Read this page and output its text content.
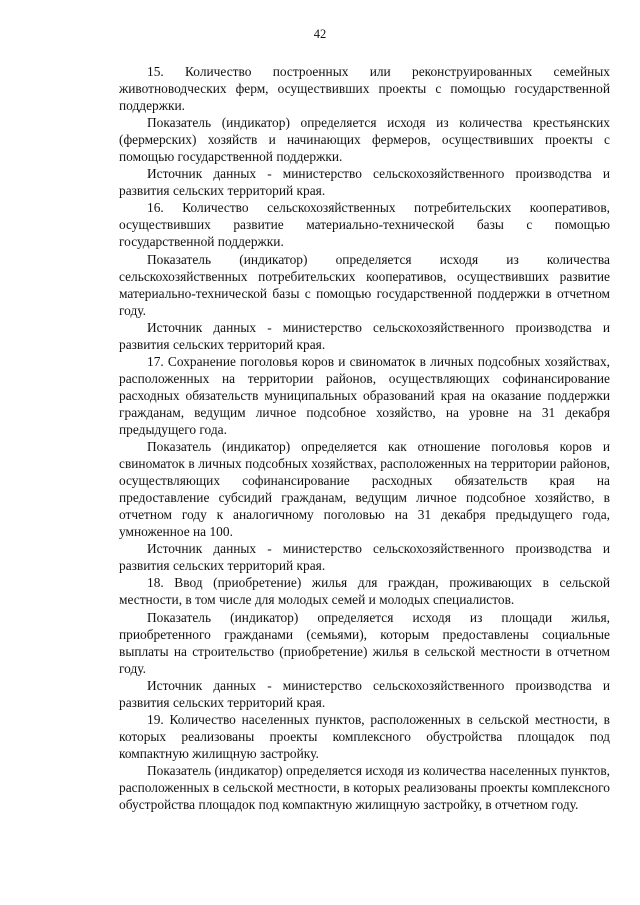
42

15. Количество построенных или реконструированных семейных животноводческих ферм, осуществивших проекты с помощью государственной поддержки.

Показатель (индикатор) определяется исходя из количества крестьянских (фермерских) хозяйств и начинающих фермеров, осуществивших проекты с помощью государственной поддержки.

Источник данных - министерство сельскохозяйственного производства и развития сельских территорий края.

16. Количество сельскохозяйственных потребительских кооперативов, осуществивших развитие материально-технической базы с помощью государственной поддержки.

Показатель (индикатор) определяется исходя из количества сельскохозяйственных потребительских кооперативов, осуществивших развитие материально-технической базы с помощью государственной поддержки в отчетном году.

Источник данных - министерство сельскохозяйственного производства и развития сельских территорий края.

17. Сохранение поголовья коров и свиноматок в личных подсобных хозяйствах, расположенных на территории районов, осуществляющих софинансирование расходных обязательств муниципальных образований края на оказание поддержки гражданам, ведущим личное подсобное хозяйство, на уровне на 31 декабря предыдущего года.

Показатель (индикатор) определяется как отношение поголовья коров и свиноматок в личных подсобных хозяйствах, расположенных на территории районов, осуществляющих софинансирование расходных обязательств края на предоставление субсидий гражданам, ведущим личное подсобное хозяйство, в отчетном году к аналогичному поголовью на 31 декабря предыдущего года, умноженное на 100.

Источник данных - министерство сельскохозяйственного производства и развития сельских территорий края.

18. Ввод (приобретение) жилья для граждан, проживающих в сельской местности, в том числе для молодых семей и молодых специалистов.

Показатель (индикатор) определяется исходя из площади жилья, приобретенного гражданами (семьями), которым предоставлены социальные выплаты на строительство (приобретение) жилья в сельской местности в отчетном году.

Источник данных - министерство сельскохозяйственного производства и развития сельских территорий края.

19. Количество населенных пунктов, расположенных в сельской местности, в которых реализованы проекты комплексного обустройства площадок под компактную жилищную застройку.

Показатель (индикатор) определяется исходя из количества населенных пунктов, расположенных в сельской местности, в которых реализованы проекты комплексного обустройства площадок под компактную жилищную застройку, в отчетном году.
